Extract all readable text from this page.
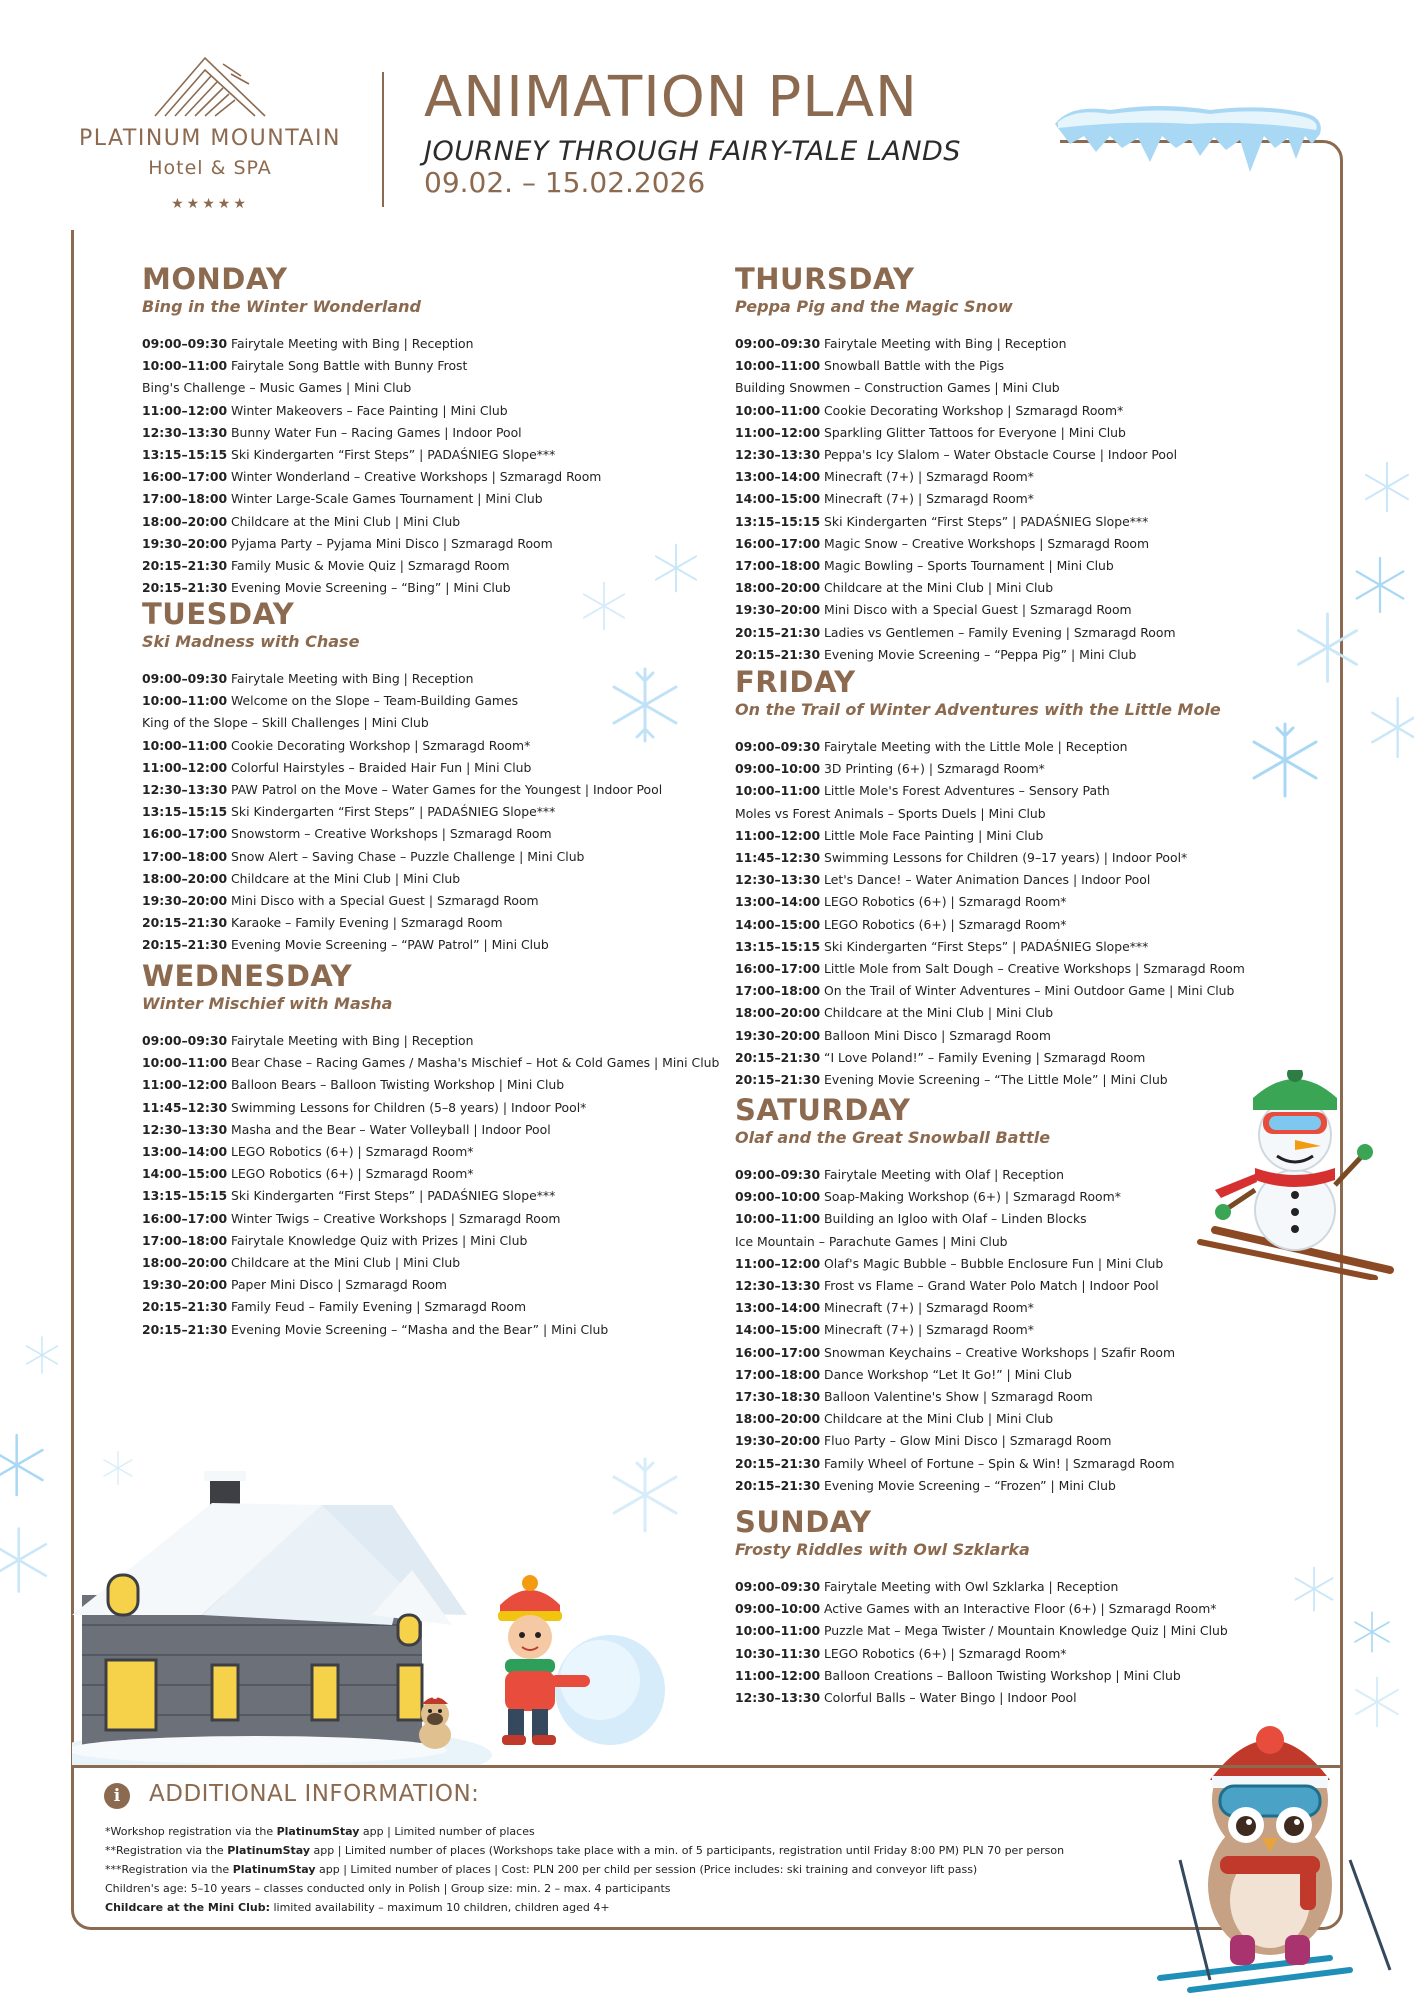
PLATINUM MOUNTAIN
Hotel & SPA
★★★★★
ANIMATION PLAN
JOURNEY THROUGH FAIRY-TALE LANDS
09.02. – 15.02.2026
MONDAY
Bing in the Winter Wonderland
09:00–09:30 Fairytale Meeting with Bing | Reception
10:00–11:00 Fairytale Song Battle with Bunny Frost
Bing's Challenge – Music Games | Mini Club
11:00–12:00 Winter Makeovers – Face Painting | Mini Club
12:30–13:30 Bunny Water Fun – Racing Games | Indoor Pool
13:15–15:15 Ski Kindergarten “First Steps” | PADAŚNIEG Slope***
16:00–17:00 Winter Wonderland – Creative Workshops | Szmaragd Room
17:00–18:00 Winter Large-Scale Games Tournament | Mini Club
18:00–20:00 Childcare at the Mini Club | Mini Club
19:30–20:00 Pyjama Party – Pyjama Mini Disco | Szmaragd Room
20:15–21:30 Family Music & Movie Quiz | Szmaragd Room
20:15–21:30 Evening Movie Screening – “Bing” | Mini Club
TUESDAY
Ski Madness with Chase
09:00–09:30 Fairytale Meeting with Bing | Reception
10:00–11:00 Welcome on the Slope – Team-Building Games
King of the Slope – Skill Challenges | Mini Club
10:00–11:00 Cookie Decorating Workshop | Szmaragd Room*
11:00–12:00 Colorful Hairstyles – Braided Hair Fun | Mini Club
12:30–13:30 PAW Patrol on the Move – Water Games for the Youngest | Indoor Pool
13:15–15:15 Ski Kindergarten “First Steps” | PADAŚNIEG Slope***
16:00–17:00 Snowstorm – Creative Workshops | Szmaragd Room
17:00–18:00 Snow Alert – Saving Chase – Puzzle Challenge | Mini Club
18:00–20:00 Childcare at the Mini Club | Mini Club
19:30–20:00 Mini Disco with a Special Guest | Szmaragd Room
20:15–21:30 Karaoke – Family Evening | Szmaragd Room
20:15–21:30 Evening Movie Screening – “PAW Patrol” | Mini Club
WEDNESDAY
Winter Mischief with Masha
09:00–09:30 Fairytale Meeting with Bing | Reception
10:00–11:00 Bear Chase – Racing Games / Masha's Mischief – Hot & Cold Games | Mini Club
11:00–12:00 Balloon Bears – Balloon Twisting Workshop | Mini Club
11:45–12:30 Swimming Lessons for Children (5–8 years) | Indoor Pool*
12:30–13:30 Masha and the Bear – Water Volleyball | Indoor Pool
13:00–14:00 LEGO Robotics (6+) | Szmaragd Room*
14:00–15:00 LEGO Robotics (6+) | Szmaragd Room*
13:15–15:15 Ski Kindergarten “First Steps” | PADAŚNIEG Slope***
16:00–17:00 Winter Twigs – Creative Workshops | Szmaragd Room
17:00–18:00 Fairytale Knowledge Quiz with Prizes | Mini Club
18:00–20:00 Childcare at the Mini Club | Mini Club
19:30–20:00 Paper Mini Disco | Szmaragd Room
20:15–21:30 Family Feud – Family Evening | Szmaragd Room
20:15–21:30 Evening Movie Screening – “Masha and the Bear” | Mini Club
THURSDAY
Peppa Pig and the Magic Snow
09:00–09:30 Fairytale Meeting with Bing | Reception
10:00–11:00 Snowball Battle with the Pigs
Building Snowmen – Construction Games | Mini Club
10:00–11:00 Cookie Decorating Workshop | Szmaragd Room*
11:00–12:00 Sparkling Glitter Tattoos for Everyone | Mini Club
12:30–13:30 Peppa's Icy Slalom – Water Obstacle Course | Indoor Pool
13:00–14:00 Minecraft (7+) | Szmaragd Room*
14:00–15:00 Minecraft (7+) | Szmaragd Room*
13:15–15:15 Ski Kindergarten “First Steps” | PADAŚNIEG Slope***
16:00–17:00 Magic Snow – Creative Workshops | Szmaragd Room
17:00–18:00 Magic Bowling – Sports Tournament | Mini Club
18:00–20:00 Childcare at the Mini Club | Mini Club
19:30–20:00 Mini Disco with a Special Guest | Szmaragd Room
20:15–21:30 Ladies vs Gentlemen – Family Evening | Szmaragd Room
20:15–21:30 Evening Movie Screening – “Peppa Pig” | Mini Club
FRIDAY
On the Trail of Winter Adventures with the Little Mole
09:00–09:30 Fairytale Meeting with the Little Mole | Reception
09:00–10:00 3D Printing (6+) | Szmaragd Room*
10:00–11:00 Little Mole's Forest Adventures – Sensory Path
Moles vs Forest Animals – Sports Duels | Mini Club
11:00–12:00 Little Mole Face Painting | Mini Club
11:45–12:30 Swimming Lessons for Children (9–17 years) | Indoor Pool*
12:30–13:30 Let's Dance! – Water Animation Dances | Indoor Pool
13:00–14:00 LEGO Robotics (6+) | Szmaragd Room*
14:00–15:00 LEGO Robotics (6+) | Szmaragd Room*
13:15–15:15 Ski Kindergarten “First Steps” | PADAŚNIEG Slope***
16:00–17:00 Little Mole from Salt Dough – Creative Workshops | Szmaragd Room
17:00–18:00 On the Trail of Winter Adventures – Mini Outdoor Game | Mini Club
18:00–20:00 Childcare at the Mini Club | Mini Club
19:30–20:00 Balloon Mini Disco | Szmaragd Room
20:15–21:30 “I Love Poland!” – Family Evening | Szmaragd Room
20:15–21:30 Evening Movie Screening – “The Little Mole” | Mini Club
SATURDAY
Olaf and the Great Snowball Battle
09:00–09:30 Fairytale Meeting with Olaf | Reception
09:00–10:00 Soap-Making Workshop (6+) | Szmaragd Room*
10:00–11:00 Building an Igloo with Olaf – Linden Blocks
Ice Mountain – Parachute Games | Mini Club
11:00–12:00 Olaf's Magic Bubble – Bubble Enclosure Fun | Mini Club
12:30–13:30 Frost vs Flame – Grand Water Polo Match | Indoor Pool
13:00–14:00 Minecraft (7+) | Szmaragd Room*
14:00–15:00 Minecraft (7+) | Szmaragd Room*
16:00–17:00 Snowman Keychains – Creative Workshops | Szafir Room
17:00–18:00 Dance Workshop “Let It Go!” | Mini Club
17:30–18:30 Balloon Valentine's Show | Szmaragd Room
18:00–20:00 Childcare at the Mini Club | Mini Club
19:30–20:00 Fluo Party – Glow Mini Disco | Szmaragd Room
20:15–21:30 Family Wheel of Fortune – Spin & Win! | Szmaragd Room
20:15–21:30 Evening Movie Screening – “Frozen” | Mini Club
SUNDAY
Frosty Riddles with Owl Szklarka
09:00–09:30 Fairytale Meeting with Owl Szklarka | Reception
09:00–10:00 Active Games with an Interactive Floor (6+) | Szmaragd Room*
10:00–11:00 Puzzle Mat – Mega Twister / Mountain Knowledge Quiz | Mini Club
10:30–11:30 LEGO Robotics (6+) | Szmaragd Room*
11:00–12:00 Balloon Creations – Balloon Twisting Workshop | Mini Club
12:30–13:30 Colorful Balls – Water Bingo | Indoor Pool
i	ADDITIONAL INFORMATION:
*Workshop registration via the PlatinumStay app | Limited number of places
**Registration via the PlatinumStay app | Limited number of places (Workshops take place with a min. of 5 participants, registration until Friday 8:00 PM) PLN 70 per person
***Registration via the PlatinumStay app | Limited number of places | Cost: PLN 200 per child per session (Price includes: ski training and conveyor lift pass)
Children's age: 5–10 years – classes conducted only in Polish | Group size: min. 2 – max. 4 participants
Childcare at the Mini Club: limited availability – maximum 10 children, children aged 4+
